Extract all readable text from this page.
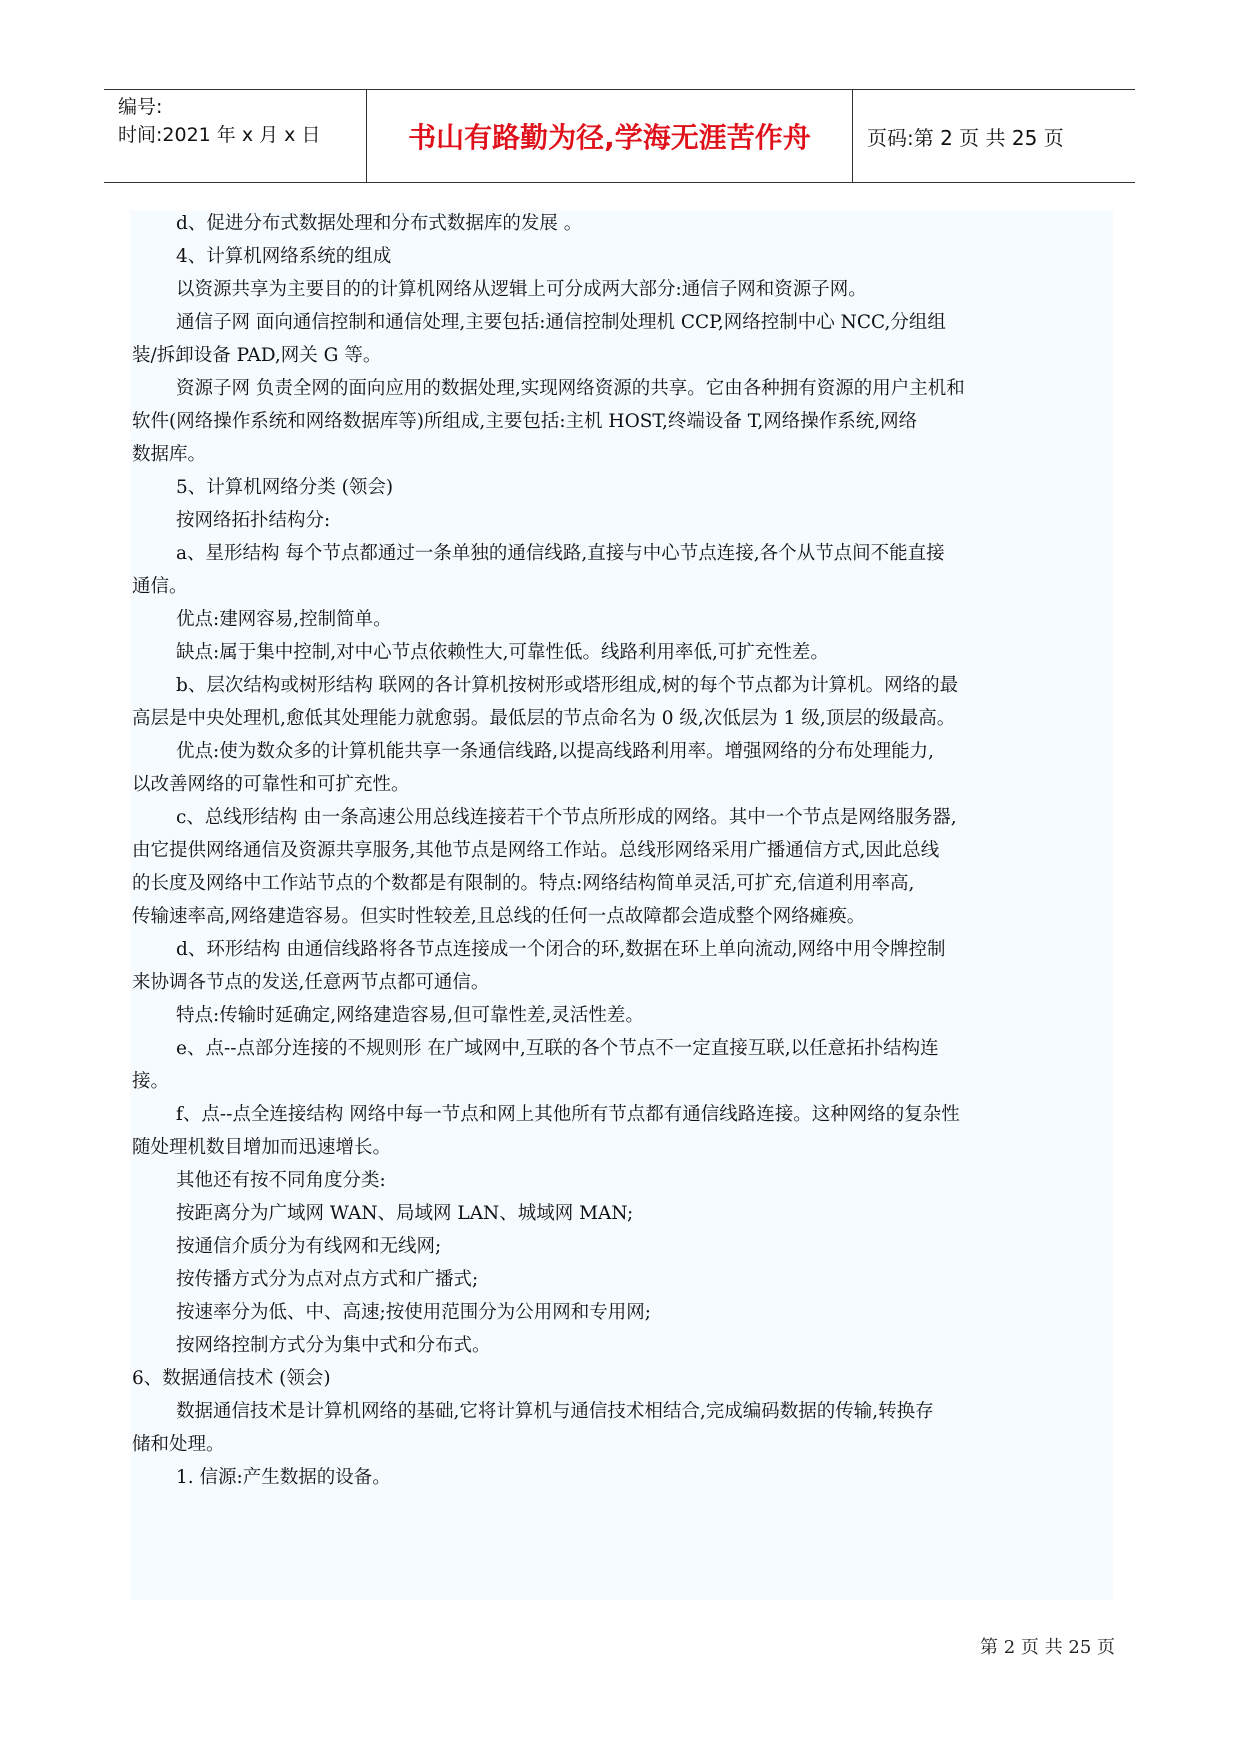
编号:
时间:2021 年 x 月 x 日	书山有路勤为径,学海无涯苦作舟	页码:第 2 页 共 25 页
d、促进分布式数据处理和分布式数据库的发展 。
4、计算机网络系统的组成
以资源共享为主要目的的计算机网络从逻辑上可分成两大部分:通信子网和资源子网。
通信子网 面向通信控制和通信处理,主要包括:通信控制处理机 CCP,网络控制中心 NCC,分组组
装/拆卸设备 PAD,网关 G 等。
资源子网 负责全网的面向应用的数据处理,实现网络资源的共享。它由各种拥有资源的用户主机和
软件(网络操作系统和网络数据库等)所组成,主要包括:主机 HOST,终端设备 T,网络操作系统,网络
数据库。
5、计算机网络分类 (领会)
按网络拓扑结构分:
a、星形结构 每个节点都通过一条单独的通信线路,直接与中心节点连接,各个从节点间不能直接
通信。
优点:建网容易,控制简单。
缺点:属于集中控制,对中心节点依赖性大,可靠性低。线路利用率低,可扩充性差。
b、层次结构或树形结构 联网的各计算机按树形或塔形组成,树的每个节点都为计算机。网络的最
高层是中央处理机,愈低其处理能力就愈弱。最低层的节点命名为 0 级,次低层为 1 级,顶层的级最高。
优点:使为数众多的计算机能共享一条通信线路,以提高线路利用率。增强网络的分布处理能力,
以改善网络的可靠性和可扩充性。
c、总线形结构 由一条高速公用总线连接若干个节点所形成的网络。其中一个节点是网络服务器,
由它提供网络通信及资源共享服务,其他节点是网络工作站。总线形网络采用广播通信方式,因此总线
的长度及网络中工作站节点的个数都是有限制的。特点:网络结构简单灵活,可扩充,信道利用率高,
传输速率高,网络建造容易。但实时性较差,且总线的任何一点故障都会造成整个网络瘫痪。
d、环形结构 由通信线路将各节点连接成一个闭合的环,数据在环上单向流动,网络中用令牌控制
来协调各节点的发送,任意两节点都可通信。
特点:传输时延确定,网络建造容易,但可靠性差,灵活性差。
e、点--点部分连接的不规则形 在广域网中,互联的各个节点不一定直接互联,以任意拓扑结构连
接。
f、点--点全连接结构 网络中每一节点和网上其他所有节点都有通信线路连接。这种网络的复杂性
随处理机数目增加而迅速增长。
其他还有按不同角度分类:
按距离分为广域网 WAN、局域网 LAN、城域网 MAN;
按通信介质分为有线网和无线网;
按传播方式分为点对点方式和广播式;
按速率分为低、中、高速;按使用范围分为公用网和专用网;
按网络控制方式分为集中式和分布式。
6、数据通信技术 (领会)
数据通信技术是计算机网络的基础,它将计算机与通信技术相结合,完成编码数据的传输,转换存
储和处理。
1. 信源:产生数据的设备。
第 2 页 共 25 页
